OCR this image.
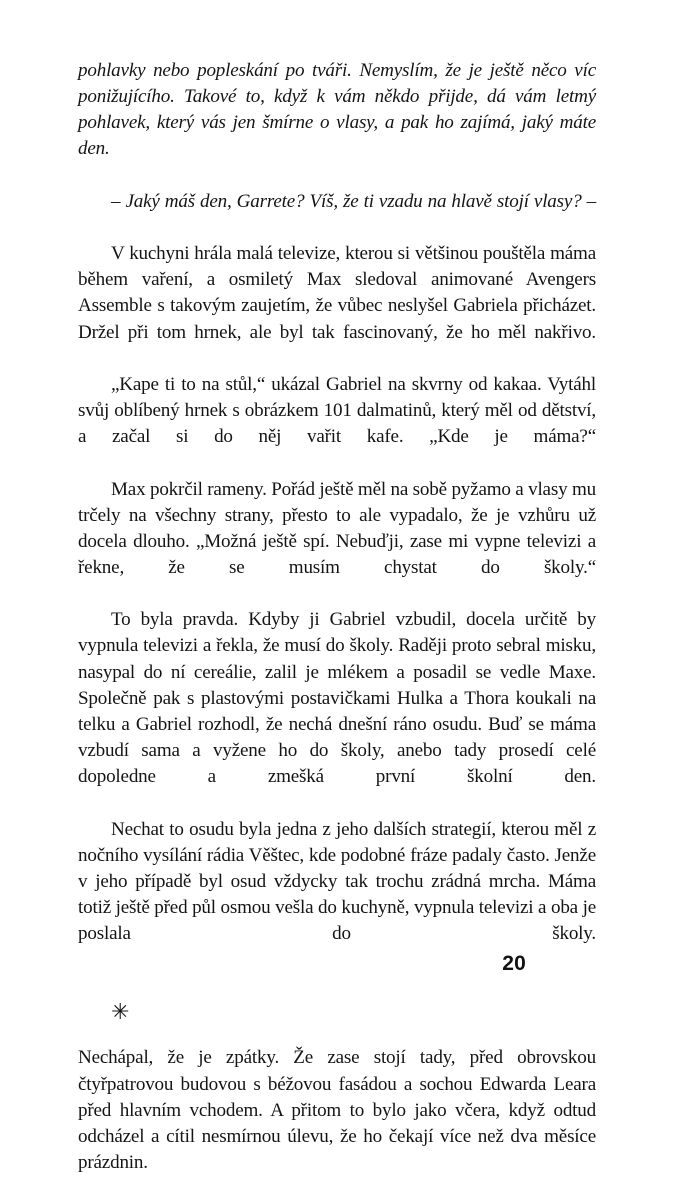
pohlavky nebo popleskání po tváři. Nemyslím, že je ještě něco víc ponižujícího. Takové to, když k vám někdo přijde, dá vám letmý pohlavek, který vás jen šmírne o vlasy, a pak ho zajímá, jaký máte den.

– Jaký máš den, Garrete? Víš, že ti vzadu na hlavě stojí vlasy? –

V kuchyni hrála malá televize, kterou si většinou pouštěla máma během vaření, a osmiletý Max sledoval animované Avengers Assemble s takovým zaujetím, že vůbec neslyšel Gabriela přicházet. Držel při tom hrnek, ale byl tak fascinovaný, že ho měl nakřivo.

„Kape ti to na stůl,“ ukázal Gabriel na skvrny od kakaa. Vytáhl svůj oblíbený hrnek s obrázkem 101 dalmatinů, který měl od dětství, a začal si do něj vařit kafe. „Kde je máma?“

Max pokrčil rameny. Pořád ještě měl na sobě pyžamo a vlasy mu trčely na všechny strany, přesto to ale vypadalo, že je vzhůru už docela dlouho. „Možná ještě spí. Nebuďji, zase mi vypne televizi a řekne, že se musím chystat do školy.“

To byla pravda. Kdyby ji Gabriel vzbudil, docela určitě by vypnula televizi a řekla, že musí do školy. Raději proto sebral misku, nasypal do ní cereálie, zalil je mlékem a posadil se vedle Maxe. Společně pak s plastovými postavičkami Hulka a Thora koukali na telku a Gabriel rozhodl, že nechá dnešní ráno osudu. Buď se máma vzbudí sama a vyžene ho do školy, anebo tady prosedí celé dopoledne a zmešká první školní den.

Nechat to osudu byla jedna z jeho dalších strategií, kterou měl z nočního vysílání rádia Věštec, kde podobné fráze padaly často. Jenže v jeho případě byl osud vždycky tak trochu zrádná mrcha. Máma totiž ještě před půl osmou vešla do kuchyně, vypnula televizi a oba je poslala do školy.

✳

Nechápal, že je zpátky. Že zase stojí tady, před obrovskou čtyřpatrovou budovou s béžovou fasádou a sochou Edwarda Leara před hlavním vchodem. A přitom to bylo jako včera, když odtud odcházel a cítil nesmírnou úlevu, že ho čekají více než dva měsíce prázdnin.

20
